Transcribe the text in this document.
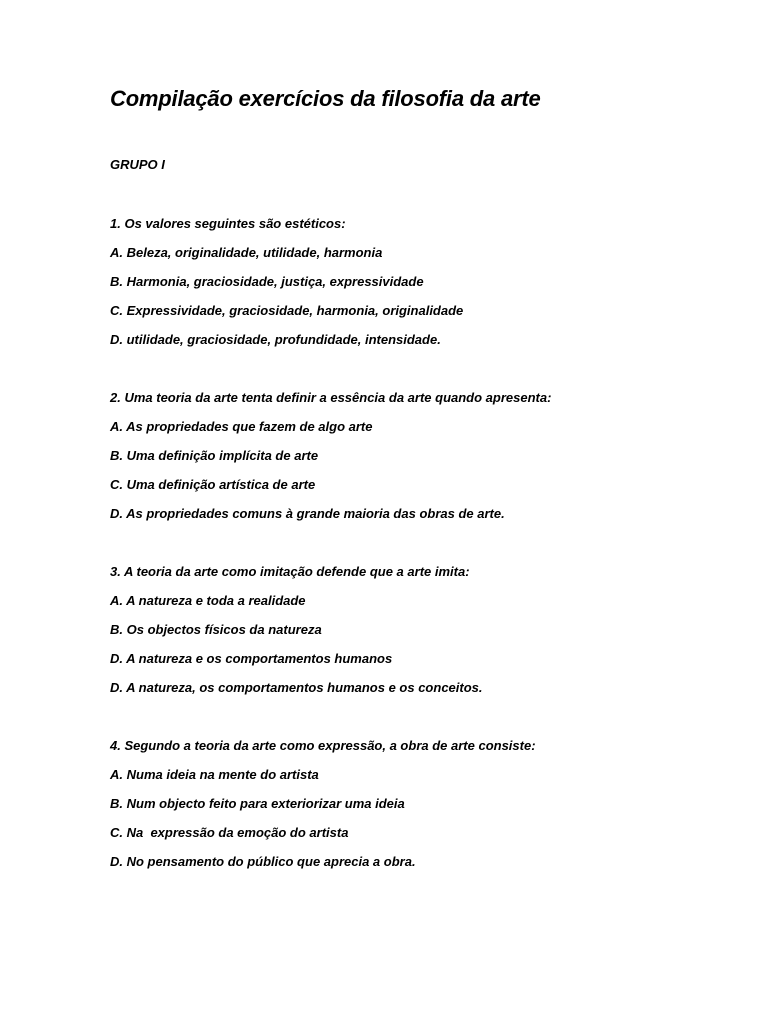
Compilação exercícios da filosofia da arte

GRUPO I

1. Os valores seguintes são estéticos:
A. Beleza, originalidade, utilidade, harmonia
B. Harmonia, graciosidade, justiça, expressividade
C. Expressividade, graciosidade, harmonia, originalidade
D. utilidade, graciosidade, profundidade, intensidade.
2. Uma teoria da arte tenta definir a essência da arte quando apresenta:
A. As propriedades que fazem de algo arte
B. Uma definição implícita de arte
C. Uma definição artística de arte
D. As propriedades comuns à grande maioria das obras de arte.
3. A teoria da arte como imitação defende que a arte imita:
A. A natureza e toda a realidade
B. Os objectos físicos da natureza
D. A natureza e os comportamentos humanos
D. A natureza, os comportamentos humanos e os conceitos.
4. Segundo a teoria da arte como expressão, a obra de arte consiste:
A. Numa ideia na mente do artista
B. Num objecto feito para exteriorizar uma ideia
C. Na  expressão da emoção do artista
D. No pensamento do público que aprecia a obra.
